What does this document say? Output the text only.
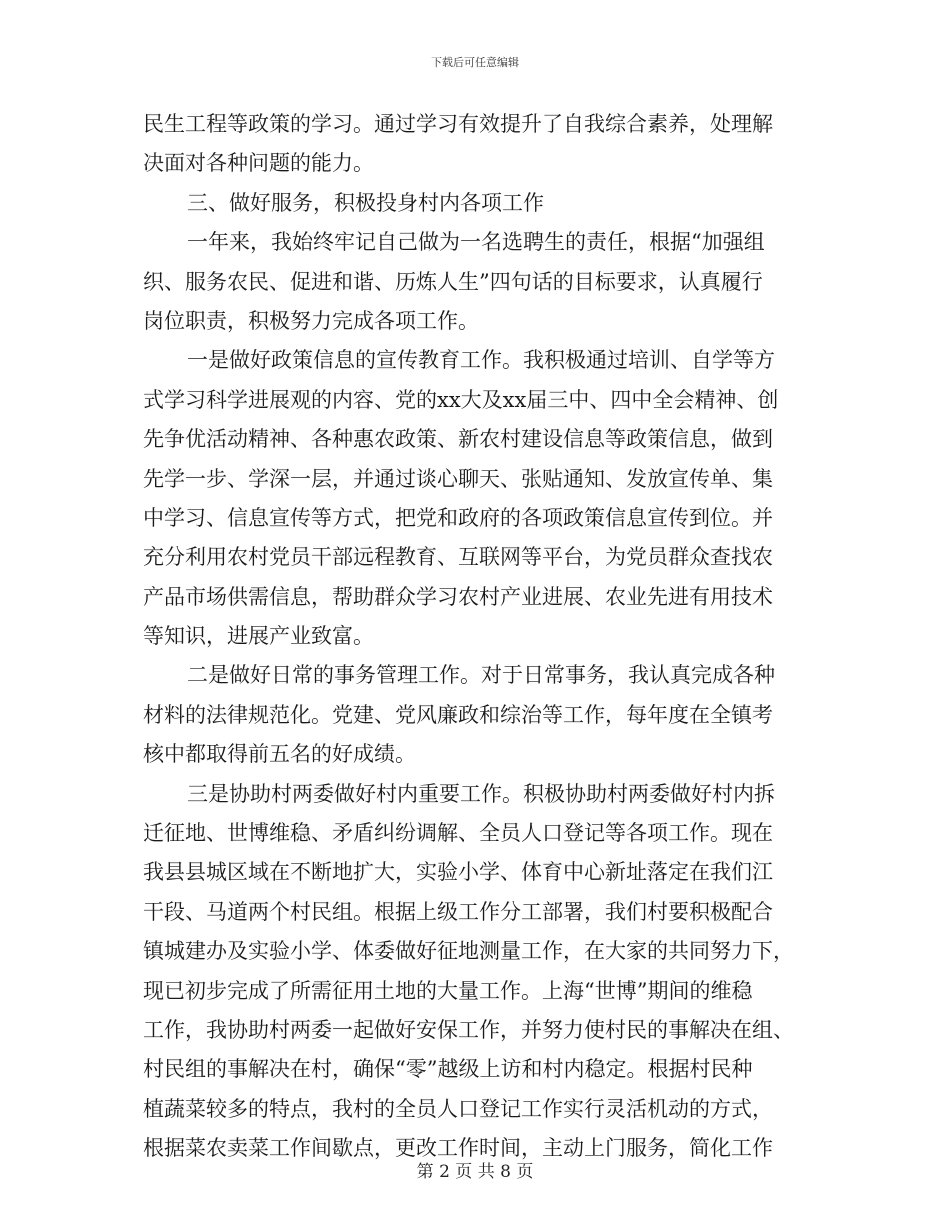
下载后可任意编辑
民生工程等政策的学习。通过学习有效提升了自我综合素养，处理解
决面对各种问题的能力。
三、做好服务，积极投身村内各项工作
一年来，我始终牢记自己做为一名选聘生的责任，根据“加强组
织、服务农民、促进和谐、历炼人生”四句话的目标要求，认真履行
岗位职责，积极努力完成各项工作。
一是做好政策信息的宣传教育工作。我积极通过培训、自学等方
式学习科学进展观的内容、党的xx大及xx届三中、四中全会精神、创
先争优活动精神、各种惠农政策、新农村建设信息等政策信息，做到
先学一步、学深一层，并通过谈心聊天、张贴通知、发放宣传单、集
中学习、信息宣传等方式，把党和政府的各项政策信息宣传到位。并
充分利用农村党员干部远程教育、互联网等平台，为党员群众查找农
产品市场供需信息，帮助群众学习农村产业进展、农业先进有用技术
等知识，进展产业致富。
二是做好日常的事务管理工作。对于日常事务，我认真完成各种
材料的法律规范化。党建、党风廉政和综治等工作，每年度在全镇考
核中都取得前五名的好成绩。
三是协助村两委做好村内重要工作。积极协助村两委做好村内拆
迁征地、世博维稳、矛盾纠纷调解、全员人口登记等各项工作。现在
我县县城区域在不断地扩大，实验小学、体育中心新址落定在我们江
干段、马道两个村民组。根据上级工作分工部署，我们村要积极配合
镇城建办及实验小学、体委做好征地测量工作，在大家的共同努力下，
现已初步完成了所需征用土地的大量工作。上海“世博”期间的维稳
工作，我协助村两委一起做好安保工作，并努力使村民的事解决在组、
村民组的事解决在村，确保“零”越级上访和村内稳定。根据村民种
植蔬菜较多的特点，我村的全员人口登记工作实行灵活机动的方式，
根据菜农卖菜工作间歇点，更改工作时间，主动上门服务，简化工作
第 2 页 共 8 页
